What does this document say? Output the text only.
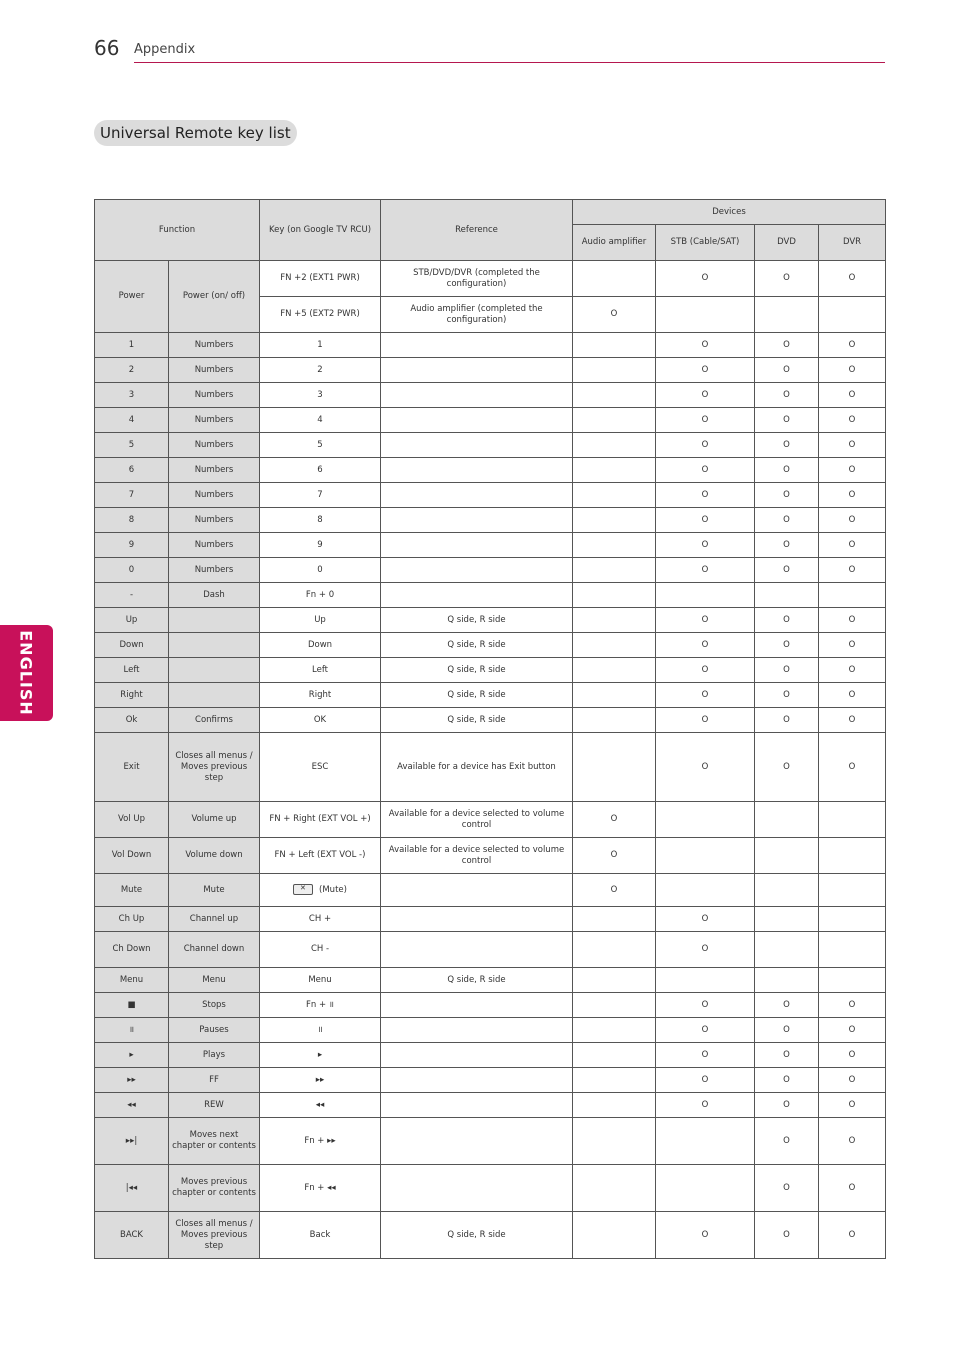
66 Appendix
Universal Remote key list
ENGLISH
Function		Key (on Google TV RCU)	Reference	Devices			
				Audio amplifier	STB (Cable/SAT)	DVD	DVR
Power	Power (on/ off)	FN +2 (EXT1 PWR)	STB/DVD/DVR (completed the configuration)		O	O	O
		FN +5 (EXT2 PWR)	Audio amplifier (completed the configuration)	O			
1	Numbers	1			O	O	O
2	Numbers	2			O	O	O
3	Numbers	3			O	O	O
4	Numbers	4			O	O	O
5	Numbers	5			O	O	O
6	Numbers	6			O	O	O
7	Numbers	7			O	O	O
8	Numbers	8			O	O	O
9	Numbers	9			O	O	O
0	Numbers	0			O	O	O
-	Dash	Fn + 0					
Up		Up	Q side, R side		O	O	O
Down		Down	Q side, R side		O	O	O
Left		Left	Q side, R side		O	O	O
Right		Right	Q side, R side		O	O	O
Ok	Confirms	OK	Q side, R side		O	O	O
Exit	Closes all menus / Moves previous step	ESC	Available for a device has Exit button		O	O	O
Vol Up	Volume up	FN + Right (EXT VOL +)	Available for a device selected to volume control	O			
Vol Down	Volume down	FN + Left (EXT VOL -)	Available for a device selected to volume control	O			
Mute	Mute	✕(Mute)		O			
Ch Up	Channel up	CH +			O		
Ch Down	Channel down	CH -			O		
Menu	Menu	Menu	Q side, R side				
■	Stops	Fn + ॥			O	O	O
॥	Pauses	॥			O	O	O
▸	Plays	▸			O	O	O
▸▸	FF	▸▸			O	O	O
◂◂	REW	◂◂			O	O	O
▸▸|	Moves next chapter or contents	Fn + ▸▸				O	O
|◂◂	Moves previous chapter or contents	Fn + ◂◂				O	O
BACK	Closes all menus / Moves previous step	Back	Q side, R side		O	O	O
